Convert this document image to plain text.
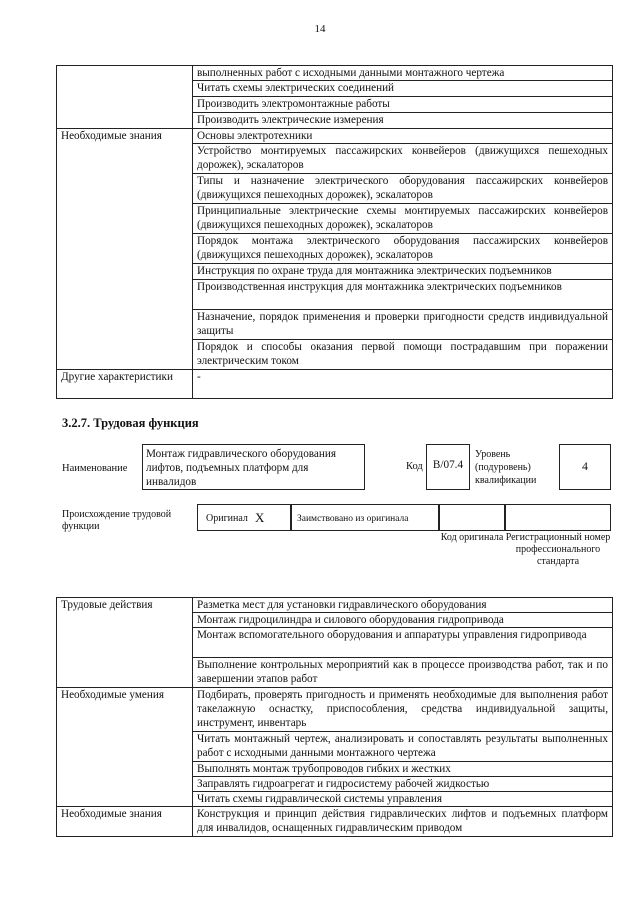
14
	выполненных работ с исходными данными монтажного чертежа
	Читать схемы электрических соединений
	Производить электромонтажные работы
	Производить электрические измерения
Необходимые знания	Основы электротехники
	Устройство монтируемых пассажирских конвейеров (движущихся пешеходных дорожек), эскалаторов
	Типы и назначение электрического оборудования пассажирских конвейеров (движущихся пешеходных дорожек), эскалаторов
	Принципиальные электрические схемы монтируемых пассажирских конвейеров (движущихся пешеходных дорожек), эскалаторов
	Порядок монтажа электрического оборудования пассажирских конвейеров (движущихся пешеходных дорожек), эскалаторов
	Инструкция по охране труда для монтажника электрических подъемников
	Производственная инструкция для монтажника электрических подъемников
	Назначение, порядок применения и проверки пригодности средств индивидуальной защиты
	Порядок и способы оказания первой помощи пострадавшим при поражении электрическим током
Другие характеристики	-
3.2.7. Трудовая функция
Наименование
Монтаж гидравлического оборудования лифтов, подъемных платформ для инвалидов
Код B/07.4
Уровень (подуровень) квалификации
4
Происхождение трудовой функции
Оригинал X	Заимствовано из оригинала
Код оригинала Регистрационный номер профессионального стандарта
Трудовые действия	Разметка мест для установки гидравлического оборудования
	Монтаж гидроцилиндра и силового оборудования гидропривода
	Монтаж вспомогательного оборудования и аппаратуры управления гидропривода
	Выполнение контрольных мероприятий как в процессе производства работ, так и по завершении этапов работ
Необходимые умения	Подбирать, проверять пригодность и применять необходимые для выполнения работ такелажную оснастку, приспособления, средства индивидуальной защиты, инструмент, инвентарь
	Читать монтажный чертеж, анализировать и сопоставлять результаты выполненных работ с исходными данными монтажного чертежа
	Выполнять монтаж трубопроводов гибких и жестких
	Заправлять гидроагрегат и гидросистему рабочей жидкостью
	Читать схемы гидравлической системы управления
Необходимые знания	Конструкция и принцип действия гидравлических лифтов и подъемных платформ для инвалидов, оснащенных гидравлическим приводом
